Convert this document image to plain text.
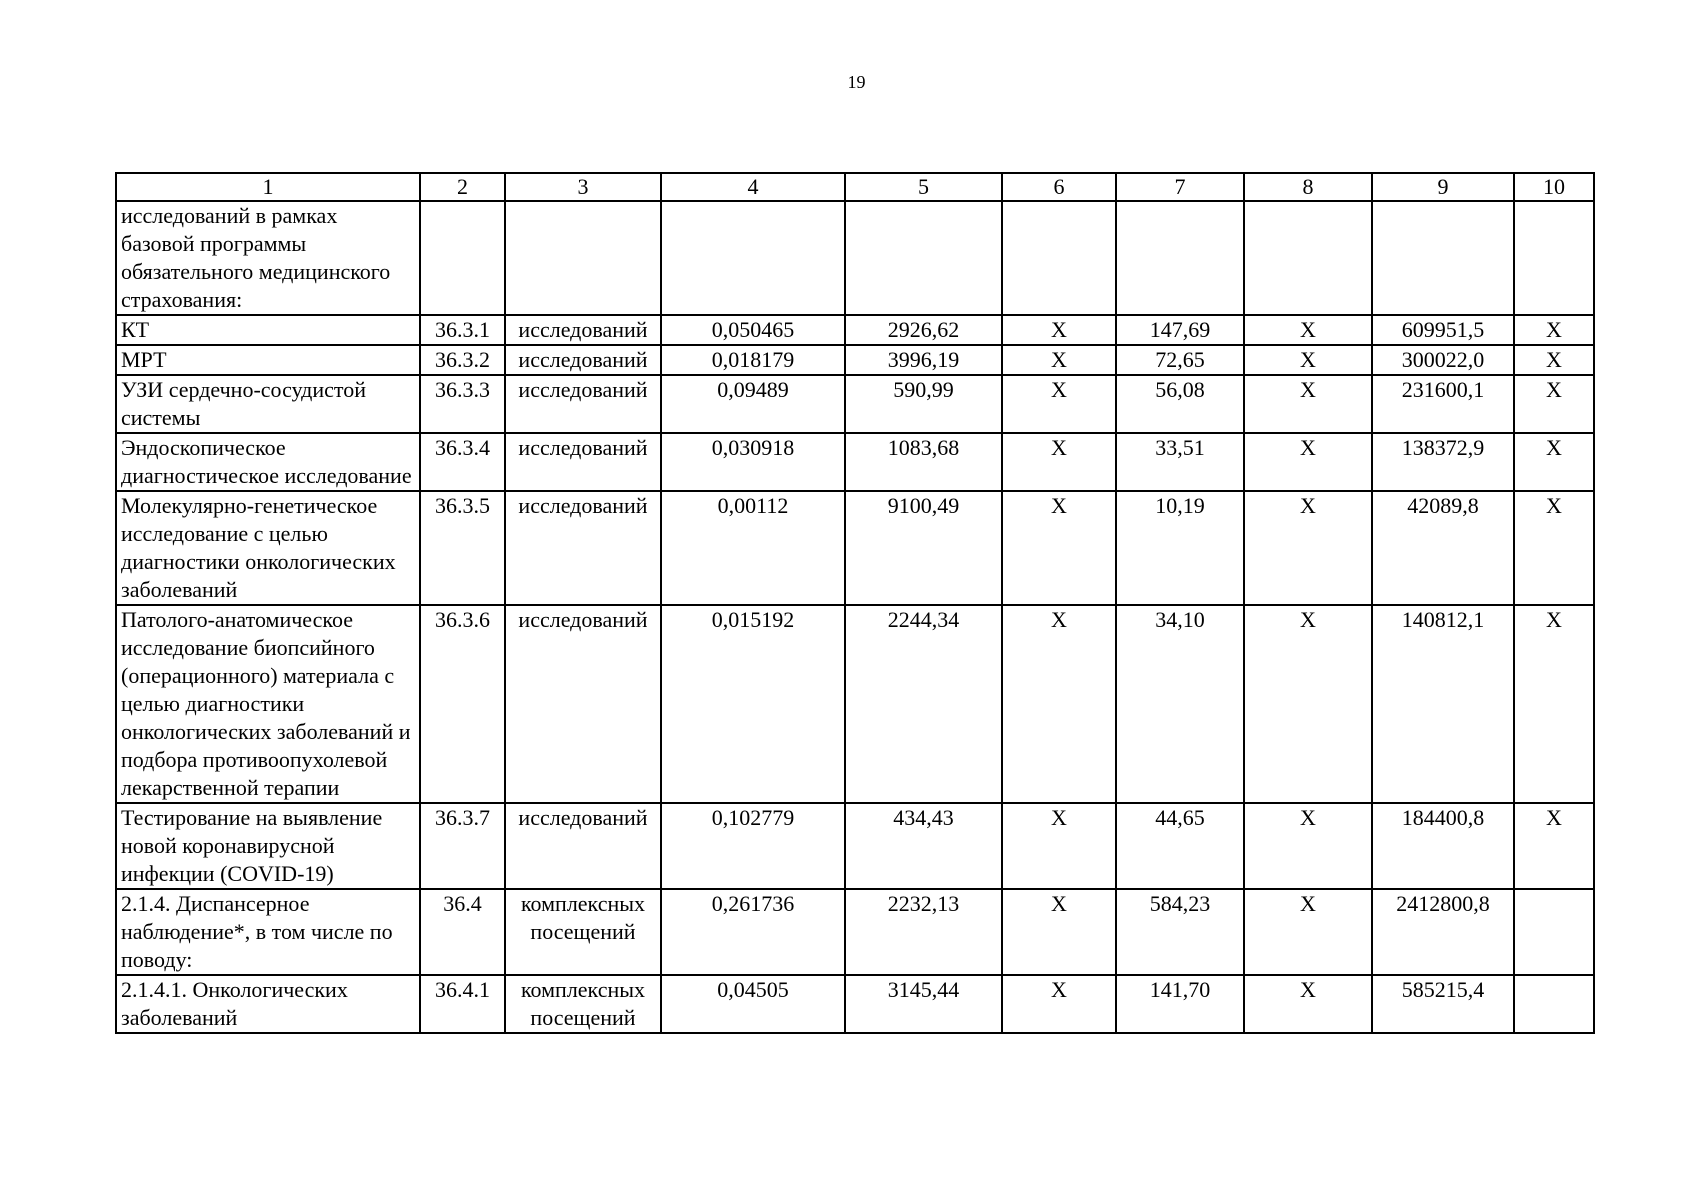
19
1	2	3	4	5	6	7	8	9	10
исследований в рамках базовой программы обязательного медицинского страхования:									
КТ	36.3.1	исследований	0,050465	2926,62	Х	147,69	Х	609951,5	Х
МРТ	36.3.2	исследований	0,018179	3996,19	Х	72,65	Х	300022,0	Х
УЗИ сердечно-сосудистой системы	36.3.3	исследований	0,09489	590,99	Х	56,08	Х	231600,1	Х
Эндоскопическое диагностическое исследование	36.3.4	исследований	0,030918	1083,68	Х	33,51	Х	138372,9	Х
Молекулярно-генетическое исследование с целью диагностики онкологических заболеваний	36.3.5	исследований	0,00112	9100,49	Х	10,19	Х	42089,8	Х
Патолого-анатомическое исследование биопсийного (операционного) материала с целью диагностики онкологических заболеваний и подбора противоопухолевой лекарственной терапии	36.3.6	исследований	0,015192	2244,34	Х	34,10	Х	140812,1	Х
Тестирование на выявление новой коронавирусной инфекции (COVID-19)	36.3.7	исследований	0,102779	434,43	Х	44,65	Х	184400,8	Х
2.1.4. Диспансерное наблюдение*, в том числе по поводу:	36.4	комплексных посещений	0,261736	2232,13	Х	584,23	Х	2412800,8	
2.1.4.1. Онкологических заболеваний	36.4.1	комплексных посещений	0,04505	3145,44	Х	141,70	Х	585215,4	
